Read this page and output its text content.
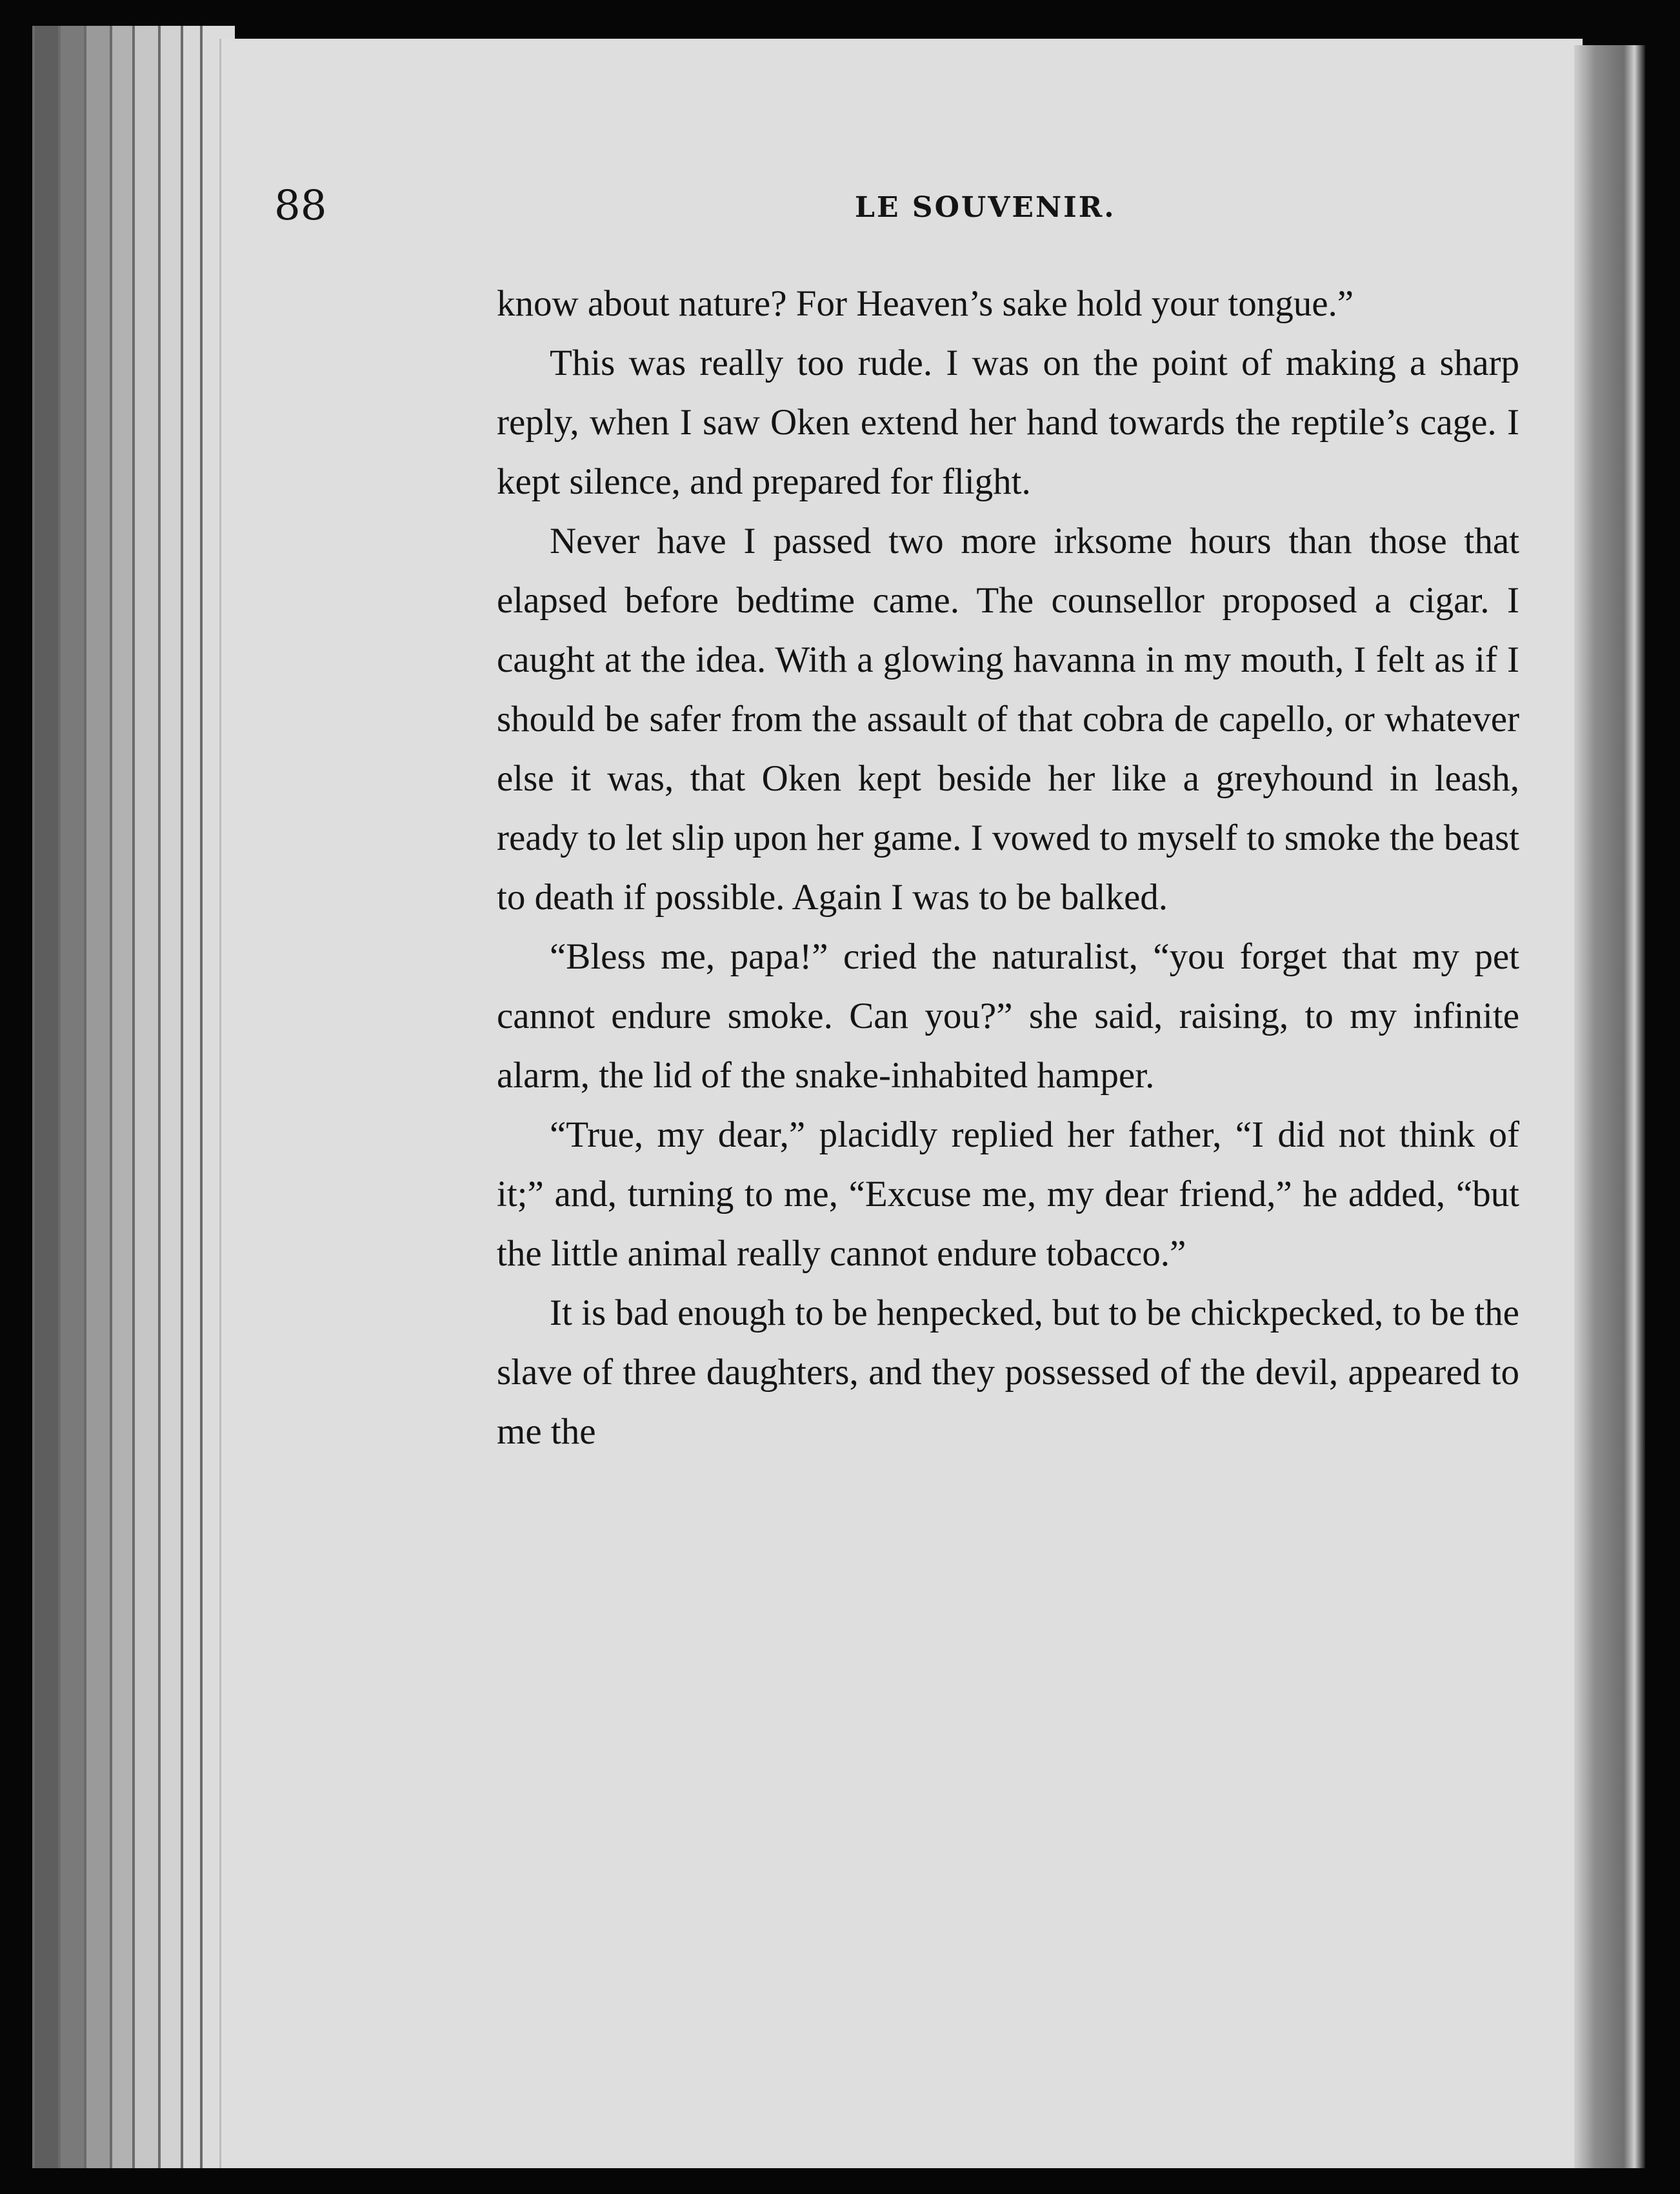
88	LE SOUVENIR.

know about nature? For Heaven’s sake hold your tongue.”

This was really too rude. I was on the point of making a sharp reply, when I saw Oken extend her hand towards the reptile’s cage. I kept silence, and prepared for flight.

Never have I passed two more irksome hours than those that elapsed before bedtime came. The counsellor proposed a cigar. I caught at the idea. With a glowing havanna in my mouth, I felt as if I should be safer from the assault of that cobra de capello, or whatever else it was, that Oken kept beside her like a greyhound in leash, ready to let slip upon her game. I vowed to myself to smoke the beast to death if possible. Again I was to be balked.

“Bless me, papa!” cried the naturalist, “you forget that my pet cannot endure smoke. Can you?” she said, raising, to my infinite alarm, the lid of the snake-inhabited hamper.

“True, my dear,” placidly replied her father, “I did not think of it;” and, turning to me, “Excuse me, my dear friend,” he added, “but the little animal really cannot endure tobacco.”

It is bad enough to be henpecked, but to be chickpecked, to be the slave of three daughters, and they possessed of the devil, appeared to me the
